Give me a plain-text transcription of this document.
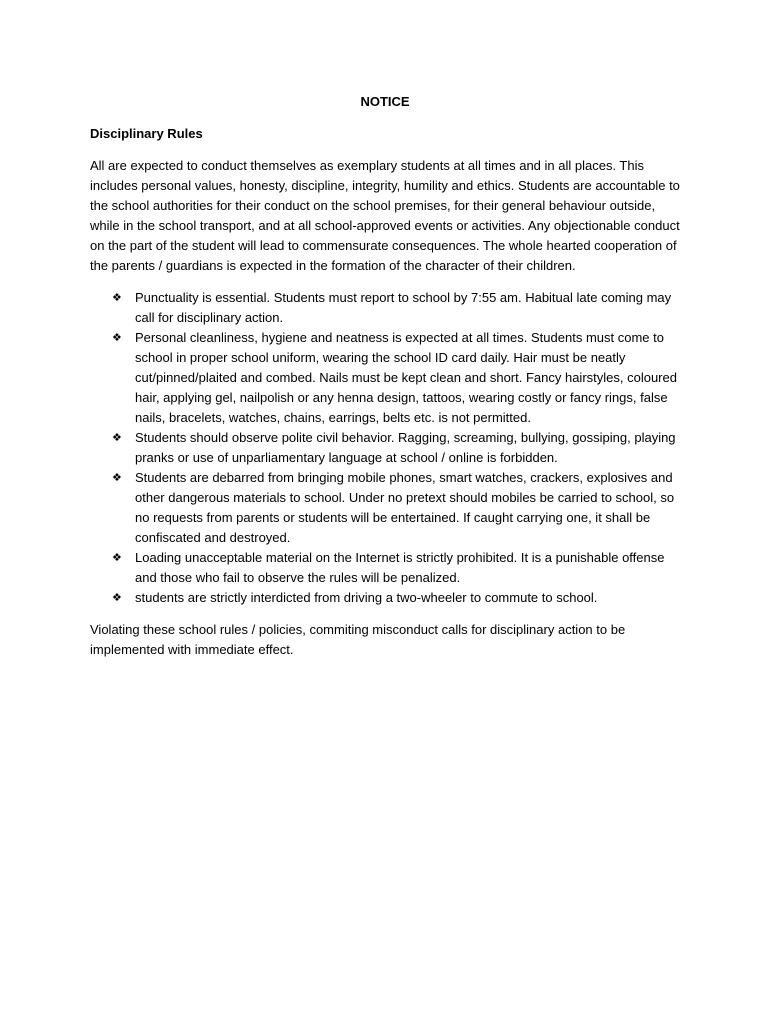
NOTICE

Disciplinary Rules

All are expected to conduct themselves as exemplary students at all times and in all places. This includes personal values, honesty, discipline, integrity, humility and ethics. Students are accountable to the school authorities for their conduct on the school premises, for their general behaviour outside, while in the school transport, and at all school-approved events or activities. Any objectionable conduct on the part of the student will lead to commensurate consequences. The whole hearted cooperation of the parents / guardians is expected in the formation of the character of their children.

❖ Punctuality is essential. Students must report to school by 7:55 am. Habitual late coming may call for disciplinary action.
❖ Personal cleanliness, hygiene and neatness is expected at all times. Students must come to school in proper school uniform, wearing the school ID card daily. Hair must be neatly cut/pinned/plaited and combed. Nails must be kept clean and short. Fancy hairstyles, coloured hair, applying gel, nailpolish or any henna design, tattoos, wearing costly or fancy rings, false nails, bracelets, watches, chains, earrings, belts etc. is not permitted.
❖ Students should observe polite civil behavior. Ragging, screaming, bullying, gossiping, playing pranks or use of unparliamentary language at school / online is forbidden.
❖ Students are debarred from bringing mobile phones, smart watches, crackers, explosives and other dangerous materials to school. Under no pretext should mobiles be carried to school, so no requests from parents or students will be entertained. If caught carrying one, it shall be confiscated and destroyed.
❖ Loading unacceptable material on the Internet is strictly prohibited. It is a punishable offense and those who fail to observe the rules will be penalized.
❖ students are strictly interdicted from driving a two-wheeler to commute to school.

Violating these school rules / policies, commiting misconduct calls for disciplinary action to be implemented with immediate effect.
